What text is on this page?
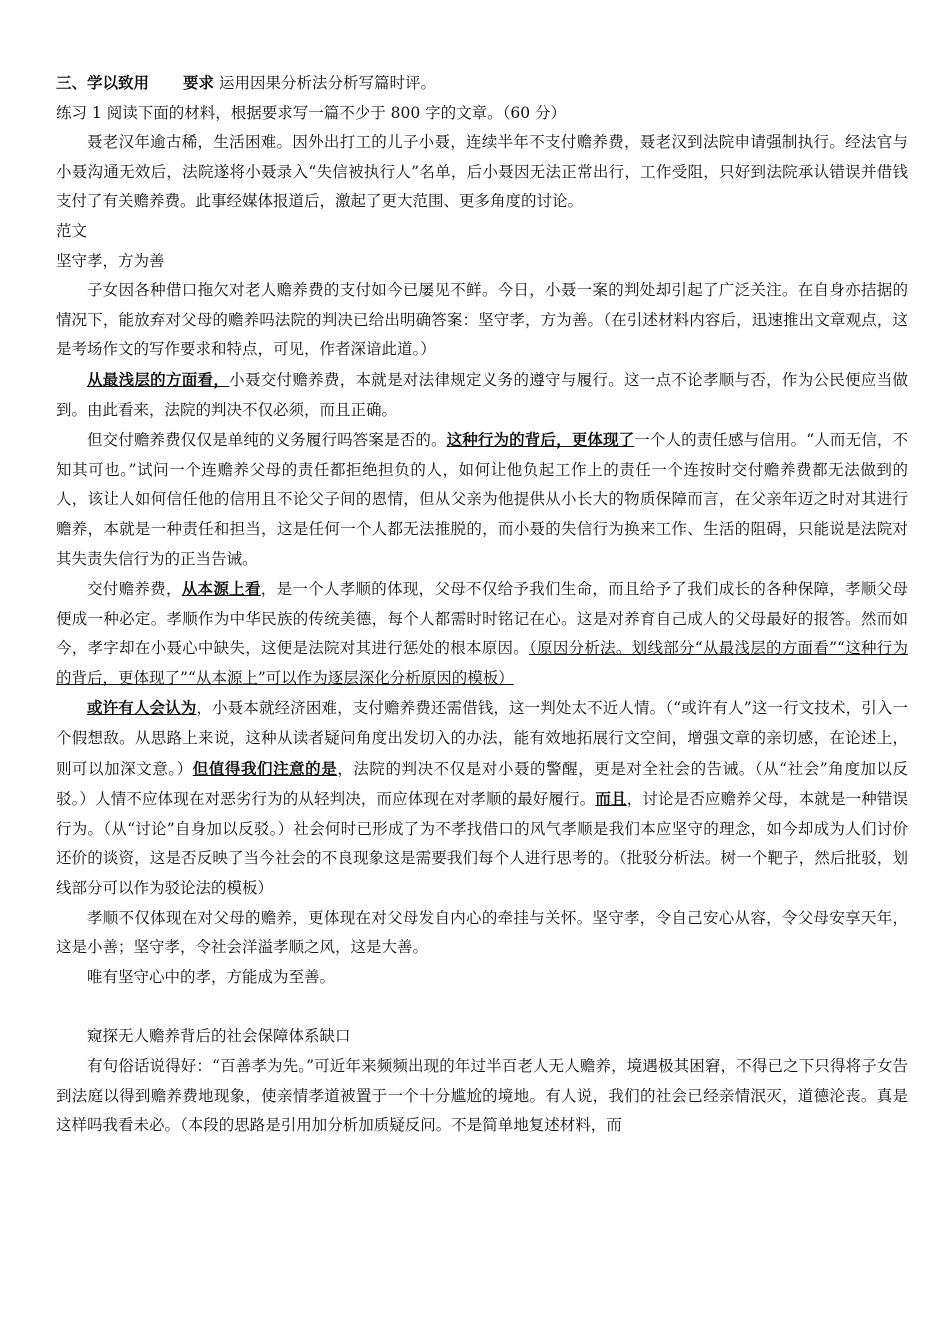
三、学以致用 要求 运用因果分析法分析写篇时评。

练习 1 阅读下面的材料，根据要求写一篇不少于 800 字的文章。（60 分）

聂老汉年逾古稀，生活困难。因外出打工的儿子小聂，连续半年不支付赡养费，聂老汉到法院申请强制执行。经法官与小聂沟通无效后，法院遂将小聂录入“失信被执行人”名单，后小聂因无法正常出行，工作受阻，只好到法院承认错误并借钱支付了有关赡养费。此事经媒体报道后，激起了更大范围、更多角度的讨论。

范文

坚守孝，方为善

子女因各种借口拖欠对老人赡养费的支付如今已屡见不鲜。今日，小聂一案的判处却引起了广泛关注。在自身亦拮据的情况下，能放弃对父母的赡养吗法院的判决已给出明确答案：坚守孝，方为善。（在引述材料内容后，迅速推出文章观点，这是考场作文的写作要求和特点，可见，作者深谙此道。）

从最浅层的方面看，小聂交付赡养费，本就是对法律规定义务的遵守与履行。这一点不论孝顺与否，作为公民便应当做到。由此看来，法院的判决不仅必须，而且正确。

但交付赡养费仅仅是单纯的义务履行吗答案是否的。这种行为的背后，更体现了一个人的责任感与信用。“人而无信，不知其可也。”试问一个连赡养父母的责任都拒绝担负的人，如何让他负起工作上的责任一个连按时交付赡养费都无法做到的人，该让人如何信任他的信用且不论父子间的恩情，但从父亲为他提供从小长大的物质保障而言，在父亲年迈之时对其进行赡养，本就是一种责任和担当，这是任何一个人都无法推脱的，而小聂的失信行为换来工作、生活的阻碍，只能说是法院对其失责失信行为的正当告诫。

交付赡养费，从本源上看，是一个人孝顺的体现，父母不仅给予我们生命，而且给予了我们成长的各种保障，孝顺父母便成一种必定。孝顺作为中华民族的传统美德，每个人都需时时铭记在心。这是对养育自己成人的父母最好的报答。然而如今，孝字却在小聂心中缺失，这便是法院对其进行惩处的根本原因。（原因分析法。划线部分“从最浅层的方面看”“这种行为的背后，更体现了”“从本源上”可以作为逐层深化分析原因的模板）

或许有人会认为，小聂本就经济困难，支付赡养费还需借钱，这一判处太不近人情。（“或许有人”这一行文技术，引入一个假想敌。从思路上来说，这种从读者疑问角度出发切入的办法，能有效地拓展行文空间，增强文章的亲切感，在论述上，则可以加深文意。）但值得我们注意的是，法院的判决不仅是对小聂的警醒，更是对全社会的告诫。（从“社会”角度加以反驳。）人情不应体现在对恶劣行为的从轻判决，而应体现在对孝顺的最好履行。而且，讨论是否应赡养父母，本就是一种错误行为。（从“讨论”自身加以反驳。）社会何时已形成了为不孝找借口的风气孝顺是我们本应坚守的理念，如今却成为人们讨价还价的谈资，这是否反映了当今社会的不良现象这是需要我们每个人进行思考的。（批驳分析法。树一个靶子，然后批驳，划线部分可以作为驳论法的模板）

孝顺不仅体现在对父母的赡养，更体现在对父母发自内心的牵挂与关怀。坚守孝，令自己安心从容，令父母安享天年，这是小善；坚守孝，令社会洋溢孝顺之风，这是大善。

唯有坚守心中的孝，方能成为至善。

窥探无人赡养背后的社会保障体系缺口

有句俗话说得好：“百善孝为先。”可近年来频频出现的年过半百老人无人赡养，境遇极其困窘，不得已之下只得将子女告到法庭以得到赡养费地现象，使亲情孝道被置于一个十分尴尬的境地。有人说，我们的社会已经亲情泯灭，道德沦丧。真是这样吗我看未必。（本段的思路是引用加分析加质疑反问。不是简单地复述材料，而
